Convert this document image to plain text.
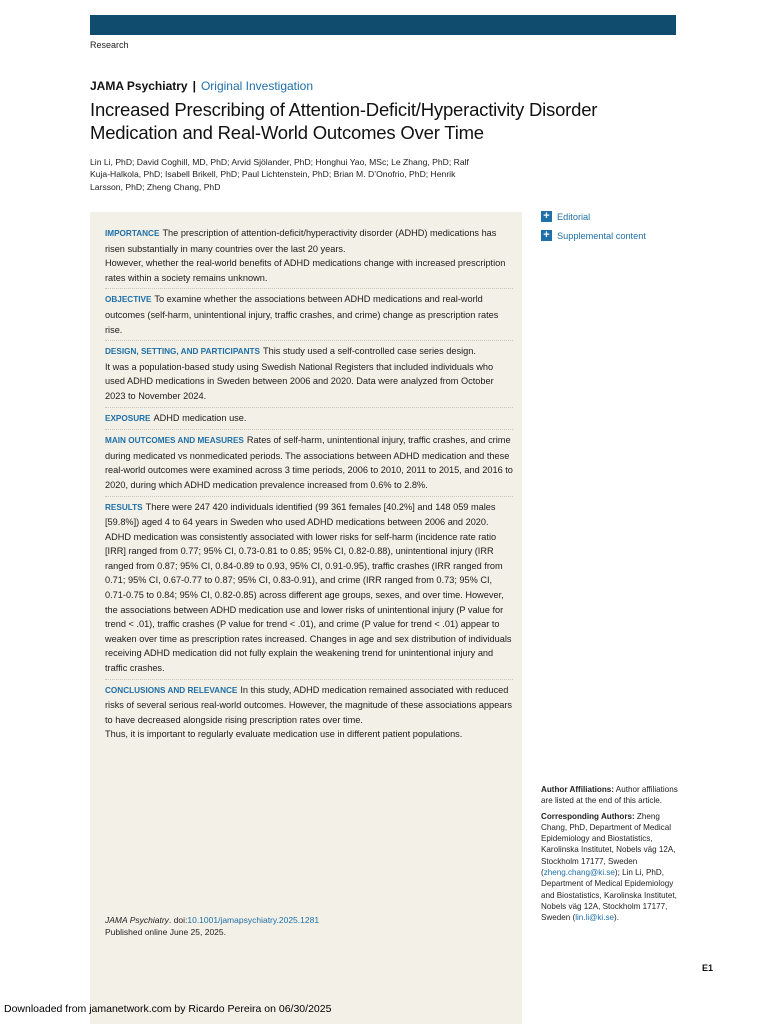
Research
JAMA Psychiatry | Original Investigation
Increased Prescribing of Attention-Deficit/Hyperactivity Disorder Medication and Real-World Outcomes Over Time
Lin Li, PhD; David Coghill, MD, PhD; Arvid Sjölander, PhD; Honghui Yao, MSc; Le Zhang, PhD; Ralf Kuja-Halkola, PhD; Isabell Brikell, PhD; Paul Lichtenstein, PhD; Brian M. D’Onofrio, PhD; Henrik Larsson, PhD; Zheng Chang, PhD
IMPORTANCE The prescription of attention-deficit/hyperactivity disorder (ADHD) medications has risen substantially in many countries over the last 20 years.
However, whether the real-world benefits of ADHD medications change with increased prescription rates within a society remains unknown.
OBJECTIVE To examine whether the associations between ADHD medications and real-world outcomes (self-harm, unintentional injury, traffic crashes, and crime) change as prescription rates rise.
DESIGN, SETTING, AND PARTICIPANTS This study used a self-controlled case series design.
It was a population-based study using Swedish National Registers that included individuals who used ADHD medications in Sweden between 2006 and 2020. Data were analyzed from October 2023 to November 2024.
EXPOSURE ADHD medication use.
MAIN OUTCOMES AND MEASURES Rates of self-harm, unintentional injury, traffic crashes, and crime during medicated vs nonmedicated periods. The associations between ADHD medication and these real-world outcomes were examined across 3 time periods, 2006 to 2010, 2011 to 2015, and 2016 to 2020, during which ADHD medication prevalence increased from 0.6% to 2.8%.
RESULTS There were 247 420 individuals identified (99 361 females [40.2%] and 148 059 males [59.8%]) aged 4 to 64 years in Sweden who used ADHD medications between 2006 and 2020. ADHD medication was consistently associated with lower risks for self-harm (incidence rate ratio [IRR] ranged from 0.77; 95% CI, 0.73-0.81 to 0.85; 95% CI, 0.82-0.88), unintentional injury (IRR ranged from 0.87; 95% CI, 0.84-0.89 to 0.93, 95% CI, 0.91-0.95), traffic crashes (IRR ranged from 0.71; 95% CI, 0.67-0.77 to 0.87; 95% CI, 0.83-0.91), and crime (IRR ranged from 0.73; 95% CI, 0.71-0.75 to 0.84; 95% CI, 0.82-0.85) across different age groups, sexes, and over time. However, the associations between ADHD medication use and lower risks of unintentional injury (P value for trend < .01), traffic crashes (P value for trend < .01), and crime (P value for trend < .01) appear to weaken over time as prescription rates increased. Changes in age and sex distribution of individuals receiving ADHD medication did not fully explain the weakening trend for unintentional injury and traffic crashes.
CONCLUSIONS AND RELEVANCE In this study, ADHD medication remained associated with reduced risks of several serious real-world outcomes. However, the magnitude of these associations appears to have decreased alongside rising prescription rates over time.
Thus, it is important to regularly evaluate medication use in different patient populations.
JAMA Psychiatry. doi:10.1001/jamapsychiatry.2025.1281
Published online June 25, 2025.
+ Editorial
+ Supplemental content

Author Affiliations: Author affiliations are listed at the end of this article.

Corresponding Authors: Zheng Chang, PhD, Department of Medical Epidemiology and Biostatistics, Karolinska Institutet, Nobels väg 12A, Stockholm 17177, Sweden (zheng.chang@ki.se); Lin Li, PhD, Department of Medical Epidemiology and Biostatistics, Karolinska Institutet, Nobels väg 12A, Stockholm 17177, Sweden (lin.li@ki.se).

E1
Downloaded from jamanetwork.com by Ricardo Pereira on 06/30/2025
